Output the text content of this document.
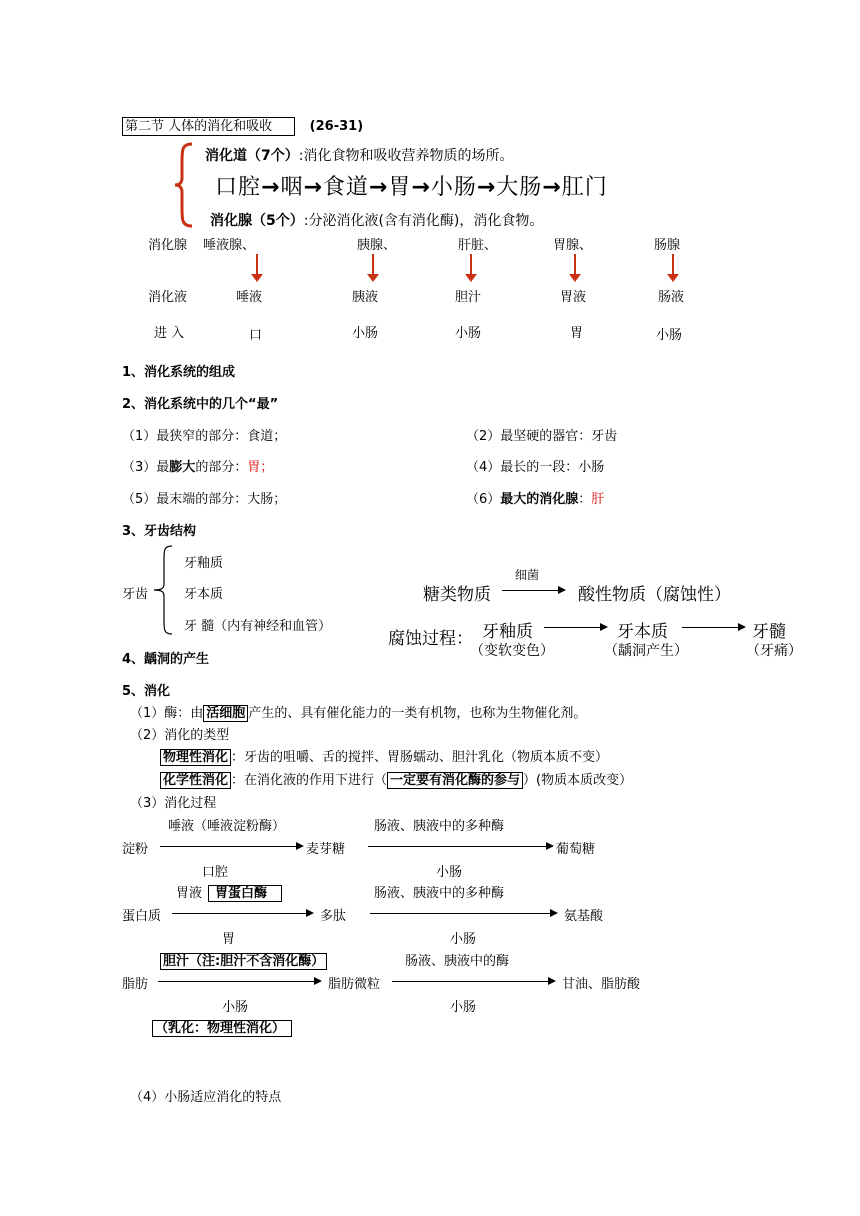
第二节 人体的消化和吸收	(26-31)
消化道（7个）:消化食物和吸收营养物质的场所。
口腔→咽→食道→胃→小肠→大肠→肛门
消化腺（5个）:分泌消化液(含有消化酶)，消化食物。
消化腺 唾液腺、	胰腺、	肝脏、	胃腺、	肠腺
消化液	唾液	胰液	胆汁	胃液	肠液
进 入	口	小肠	小肠	胃	小肠
1、消化系统的组成
2、消化系统中的几个“最”
（1）最狭窄的部分：食道；	（2）最坚硬的器官：牙齿
（3）最膨大的部分：胃；	（4）最长的一段：小肠
（5）最末端的部分：大肠；	（6）最大的消化腺：肝
3、牙齿结构
牙齿
牙釉质
牙本质
牙 髓（内有神经和血管）
糖类物质
细菌
酸性物质（腐蚀性）
腐蚀过程： 牙釉质	牙本质	牙髓
（变软变色）	（龋洞产生）	（牙痛）
4、龋洞的产生
5、消化
（1）酶：由 活细胞 产生的、具有催化能力的一类有机物，也称为生物催化剂。
（2）消化的类型
物理性消化 ：牙齿的咀嚼、舌的搅拌、胃肠蠕动、胆汁乳化（物质本质不变）
化学性消化 ：在消化液的作用下进行（ 一定要有消化酶的参与 ）(物质本质改变）
（3）消化过程
唾液（唾液淀粉酶）	肠液、胰液中的多种酶
淀粉	麦芽糖	葡萄糖
口腔	小肠
胃液 胃蛋白酶	肠液、胰液中的多种酶
蛋白质	多肽	氨基酸
胃	小肠
胆汁（注:胆汁不含消化酶）	肠液、胰液中的酶
脂肪	脂肪微粒	甘油、脂肪酸
小肠	小肠
（乳化：物理性消化）
（4）小肠适应消化的特点
